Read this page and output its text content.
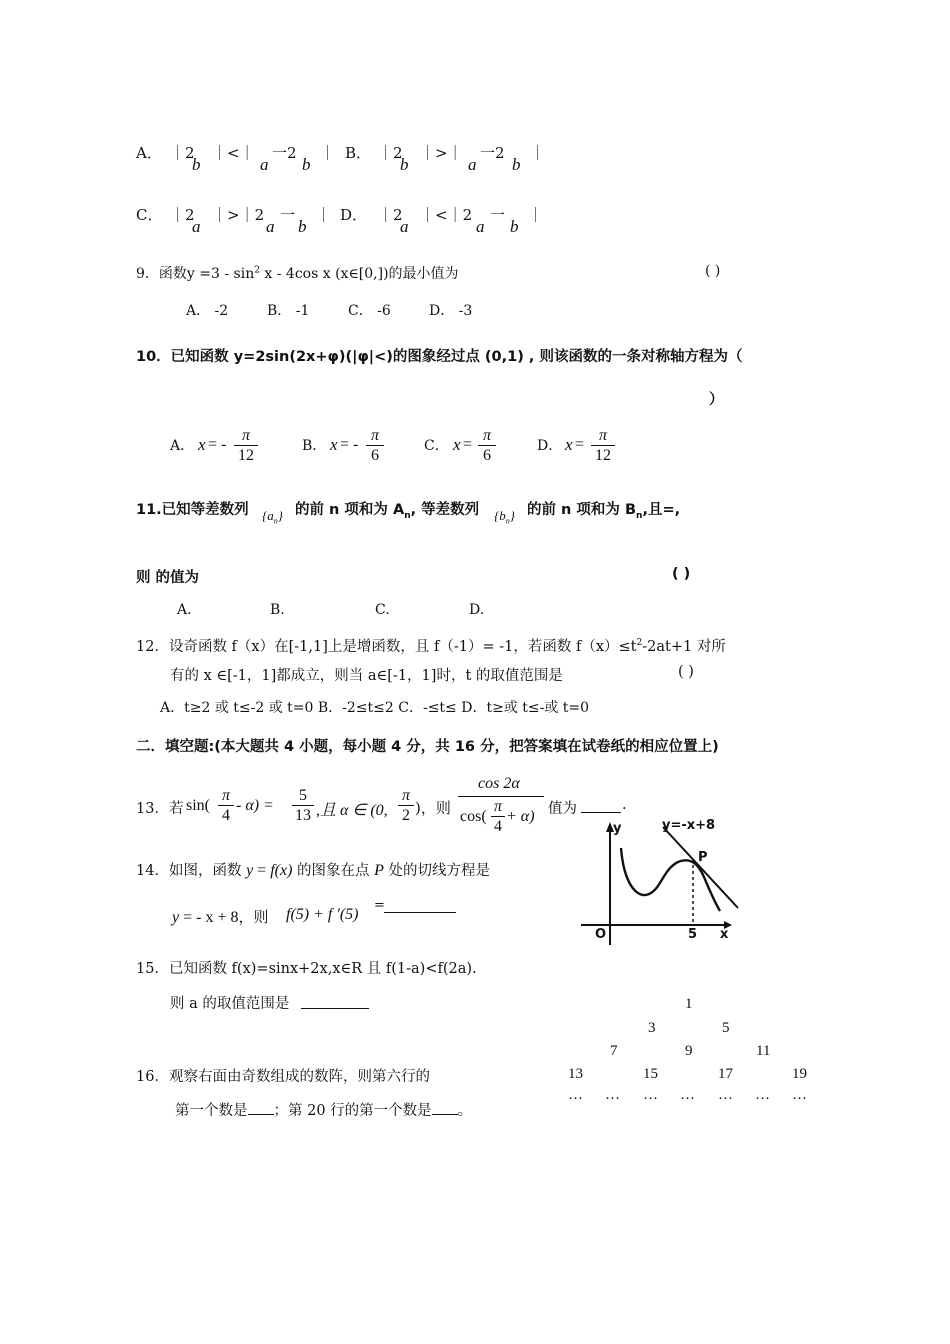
A． ｜2
b
｜<｜
a
一2
b
｜ B． ｜2
b
｜>｜
a
一2
b
｜
C． ｜2
a
｜>｜2
a
一
b
｜ D． ｜2
a
｜<｜2
a
一
b
｜
9．函数$y =3 - \sin^2 x - 4\cos$ x (x∈[0,])的最小值为	( )
A． -2	B． -1	C． -6	D． -3
10．已知函数 y=2sin(2x+φ)(|φ|<)的图象经过点 (0,1) , 则该函数的一条对称轴方程为（
）
A． x = - $\frac{\pi}{12}$	B． x = - $\frac{\pi}{6}$	C． $x = \frac{\pi}{6}$	D． $x = \frac{\pi}{12}$
11.已知等差数列 $\{a_n\}$ 的前 n 项和为 $A_n$, 等差数列 $\{b_n\}$ 的前 n 项和为 $B_n$,且=,
则 的值为	( )
A.	B.	C.	D.
12．设奇函数 f（x）在[-1,1]上是增函数，且 f（-1）= -1，若函数 $f(x)\le t^2-2at+1$ 对所
有的 x ∈[-1，1]都成立，则当 a∈[-1，1]时，t 的取值范围是	( )
A．t≥2 或 t≤-2 或 t=0 B．-2≤t≤2 C．-≤t≤ D．t≥或 t≤-或 t=0
二．填空题:(本大题共 4 小题，每小题 4 分，共 16 分，把答案填在试卷纸的相应位置上)
13．若 $\sin( \frac{\pi}{4} - \alpha) = \frac{5}{13}$ ,且 α ∈ (0, $\frac{\pi}{2}$ )，则
cos 2α
$\cos( \frac{\pi}{4} + \alpha)$ 值为	.
14．如图，函数 y = f(x) 的图象在点 P 处的切线方程是
y = - x + 8，则 f(5) + f ′(5)
=
y	y=-x+8
P
O	5 x
15．已知函数 f(x)=sinx+2x,x∈R 且 f(1-a)<f(2a).
则 a 的取值范围是
16．观察右面由奇数组成的数阵，则第六行的
第一个数是 ；第 20 行的第一个数是 。
1
3	5
7	9	11
13	15	17	19
… … … … … … …
